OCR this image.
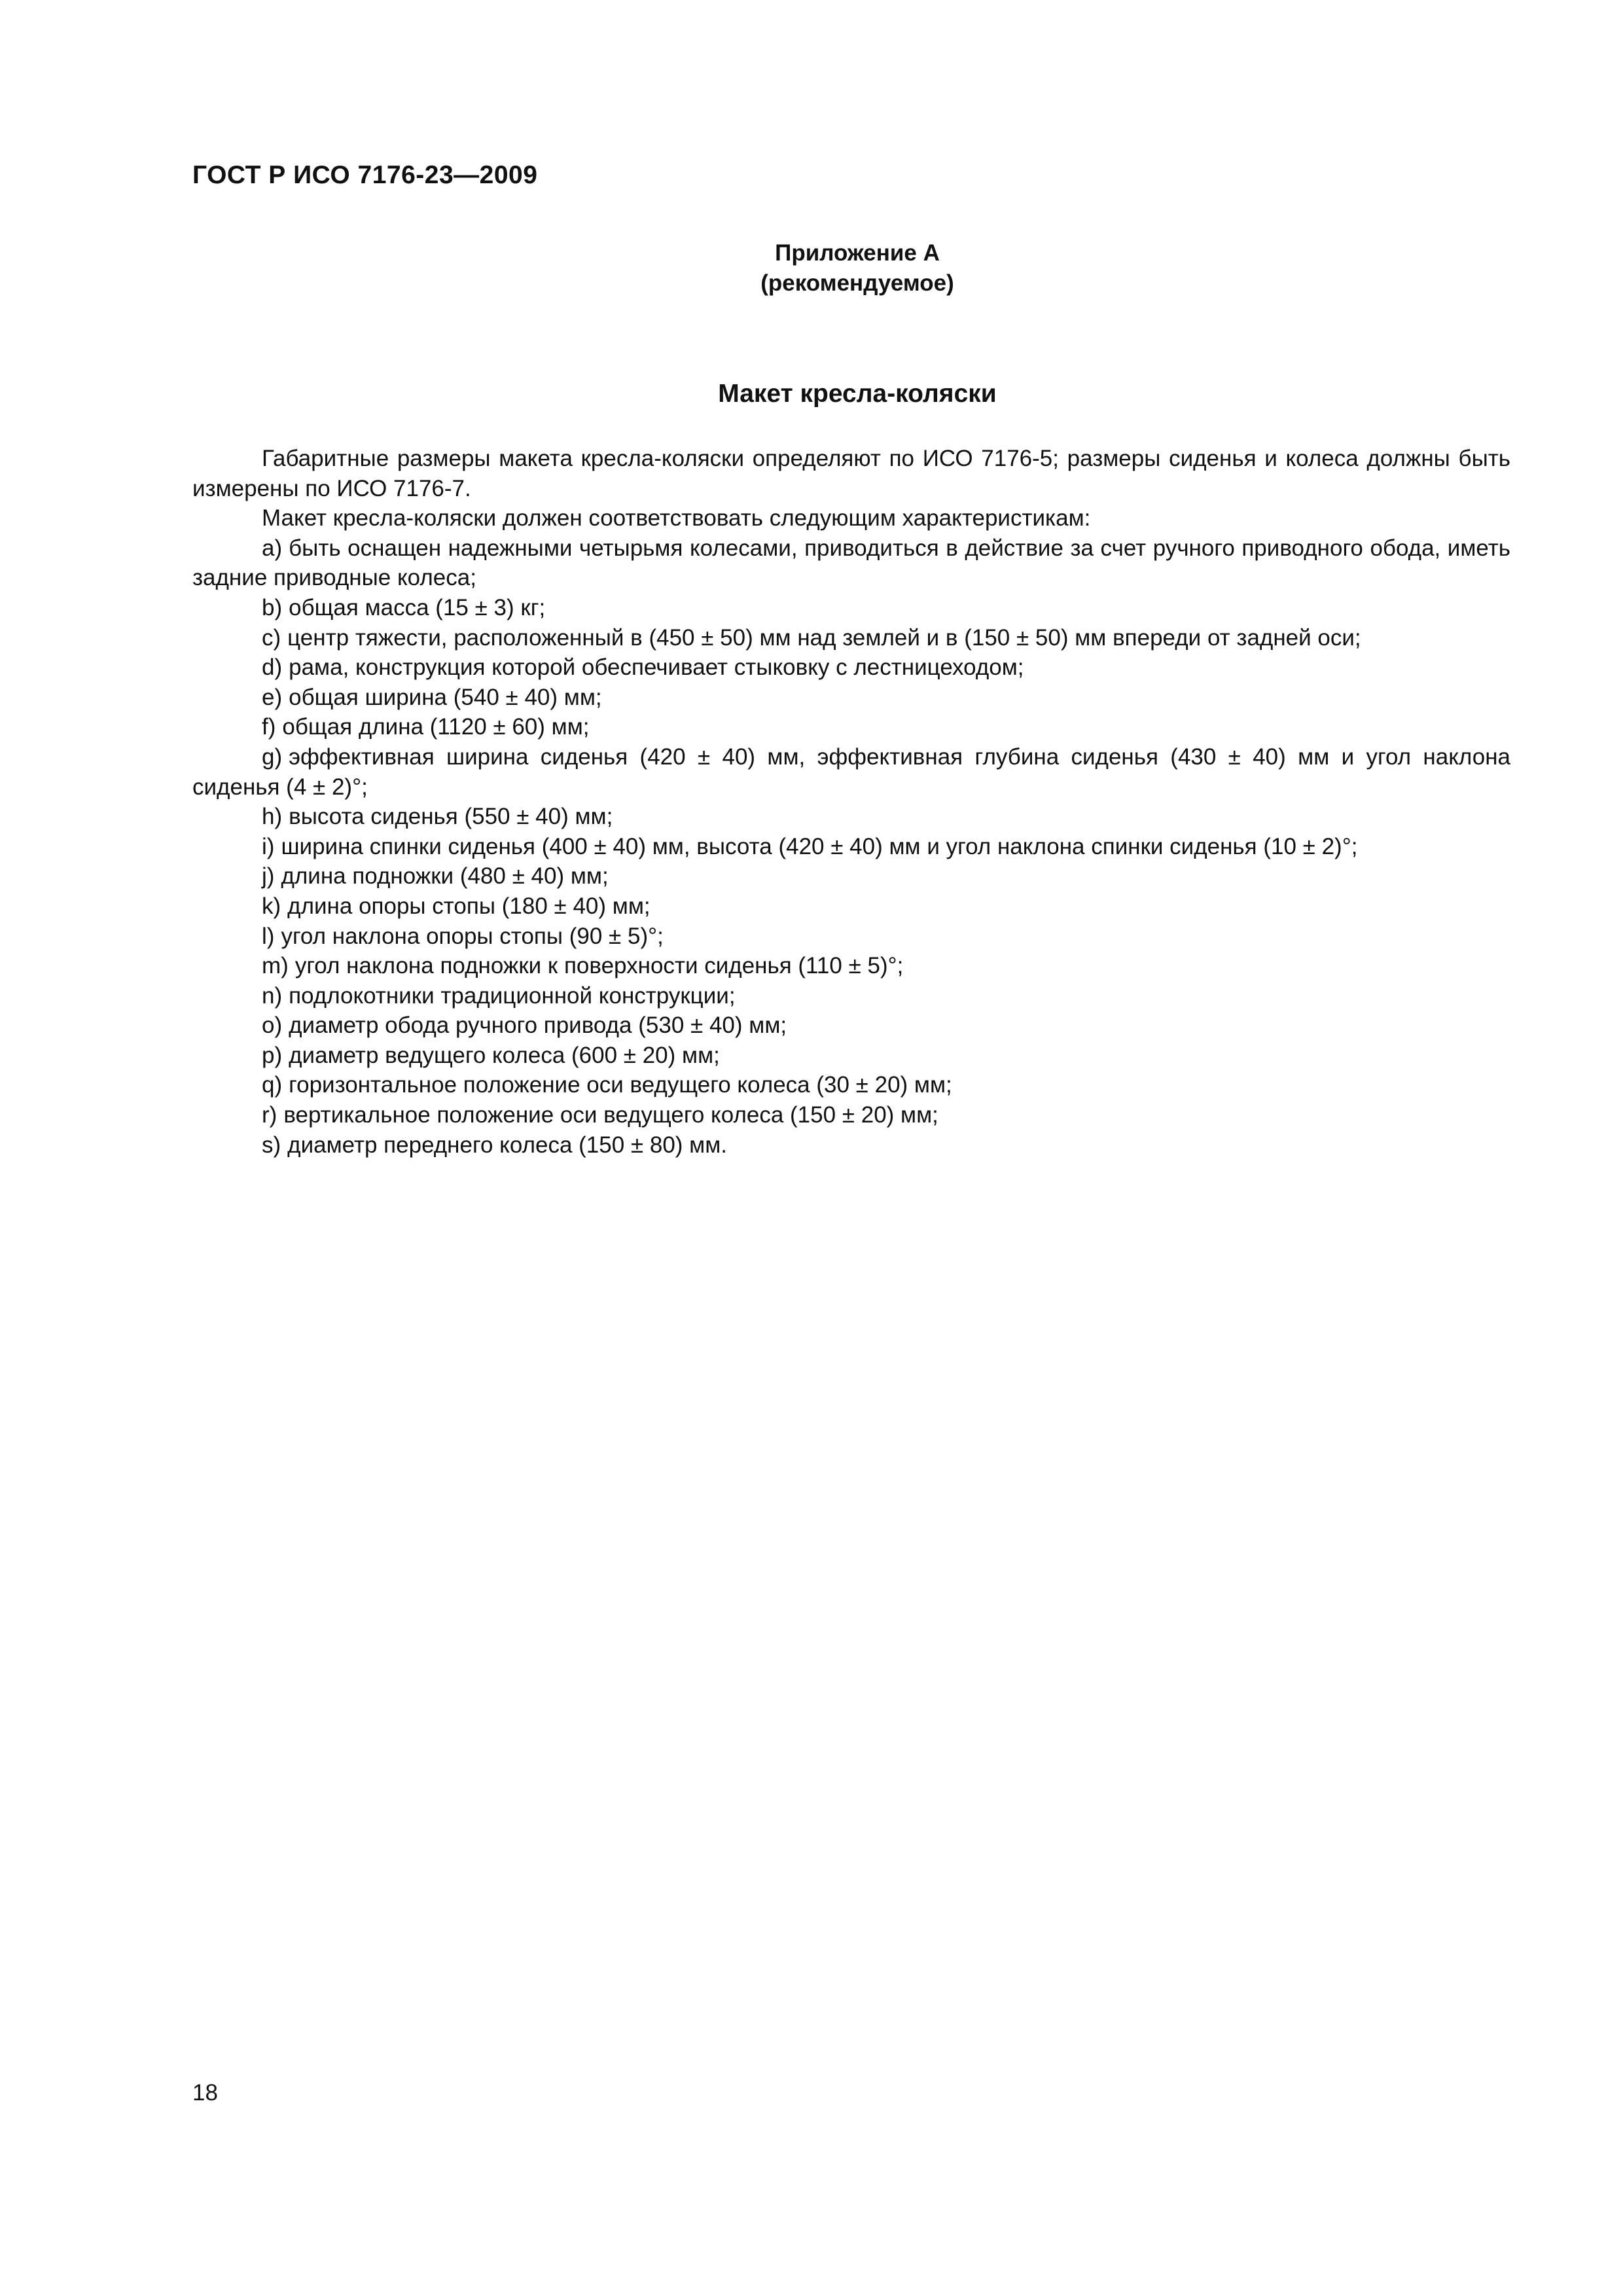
ГОСТ Р ИСО 7176-23—2009
Приложение А
(рекомендуемое)
Макет кресла-коляски

Габаритные размеры макета кресла-коляски определяют по ИСО 7176-5; размеры сиденья и колеса должны быть измерены по ИСО 7176-7.

Макет кресла-коляски должен соответствовать следующим характеристикам:

a) быть оснащен надежными четырьмя колесами, приводиться в действие за счет ручного приводного обода, иметь задние приводные колеса;
b) общая масса (15 ± 3) кг;
c) центр тяжести, расположенный в (450 ± 50) мм над землей и в (150 ± 50) мм впереди от задней оси;
d) рама, конструкция которой обеспечивает стыковку с лестницеходом;
e) общая ширина (540 ± 40) мм;
f) общая длина (1120 ± 60) мм;
g) эффективная ширина сиденья (420 ± 40) мм, эффективная глубина сиденья (430 ± 40) мм и угол наклона сиденья (4 ± 2)°;
h) высота сиденья (550 ± 40) мм;
i) ширина спинки сиденья (400 ± 40) мм, высота (420 ± 40) мм и угол наклона спинки сиденья (10 ± 2)°;
j) длина подножки (480 ± 40) мм;
k) длина опоры стопы (180 ± 40) мм;
l) угол наклона опоры стопы (90 ± 5)°;
m) угол наклона подножки к поверхности сиденья (110 ± 5)°;
n) подлокотники традиционной конструкции;
o) диаметр обода ручного привода (530 ± 40) мм;
p) диаметр ведущего колеса (600 ± 20) мм;
q) горизонтальное положение оси ведущего колеса (30 ± 20) мм;
r) вертикальное положение оси ведущего колеса (150 ± 20) мм;
s) диаметр переднего колеса (150 ± 80) мм.
18
